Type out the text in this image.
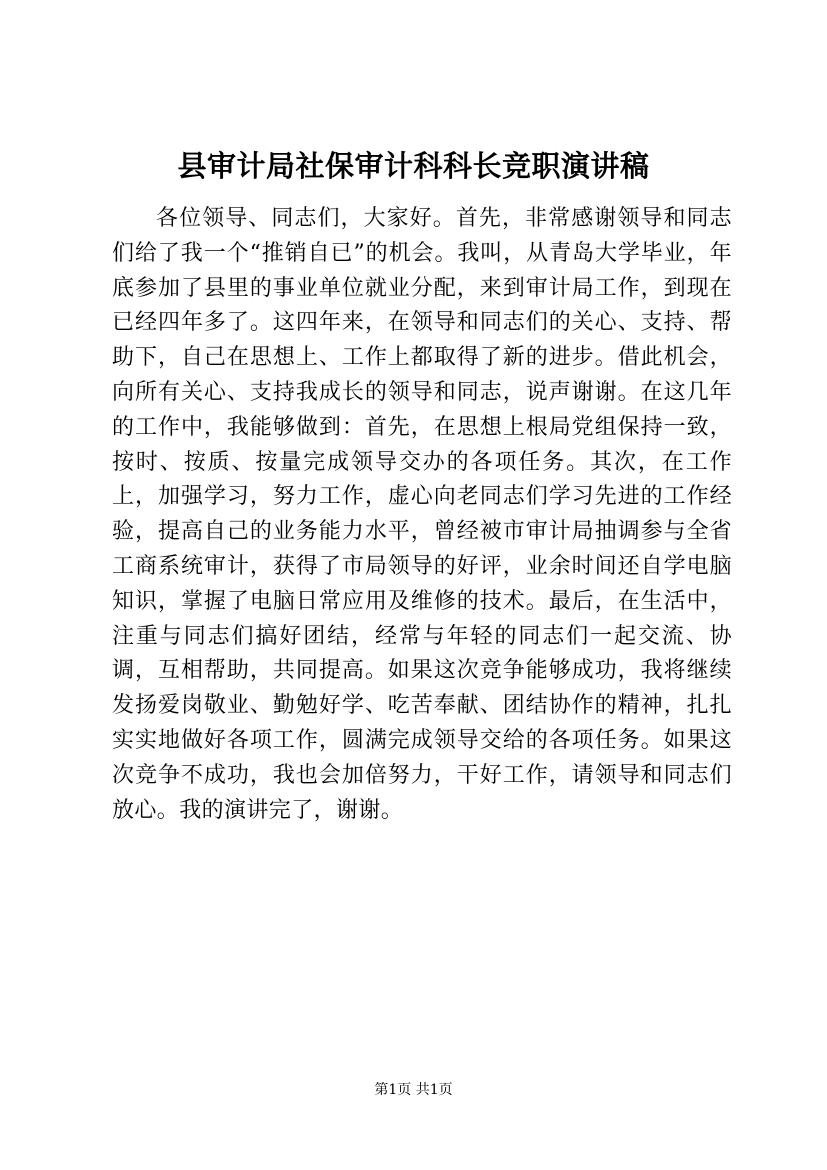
县审计局社保审计科科长竞职演讲稿

各位领导、同志们，大家好。首先，非常感谢领导和同志们给了我一个“推销自已”的机会。我叫，从青岛大学毕业，年底参加了县里的事业单位就业分配，来到审计局工作，到现在已经四年多了。这四年来，在领导和同志们的关心、支持、帮助下，自己在思想上、工作上都取得了新的进步。借此机会，向所有关心、支持我成长的领导和同志，说声谢谢。在这几年的工作中，我能够做到：首先，在思想上根局党组保持一致，按时、按质、按量完成领导交办的各项任务。其次，在工作上，加强学习，努力工作，虚心向老同志们学习先进的工作经验，提高自己的业务能力水平，曾经被市审计局抽调参与全省工商系统审计，获得了市局领导的好评，业余时间还自学电脑知识，掌握了电脑日常应用及维修的技术。最后，在生活中，注重与同志们搞好团结，经常与年轻的同志们一起交流、协调，互相帮助，共同提高。如果这次竞争能够成功，我将继续发扬爱岗敬业、勤勉好学、吃苦奉献、团结协作的精神，扎扎实实地做好各项工作，圆满完成领导交给的各项任务。如果这次竞争不成功，我也会加倍努力，干好工作，请领导和同志们放心。我的演讲完了，谢谢。

第1页 共1页
